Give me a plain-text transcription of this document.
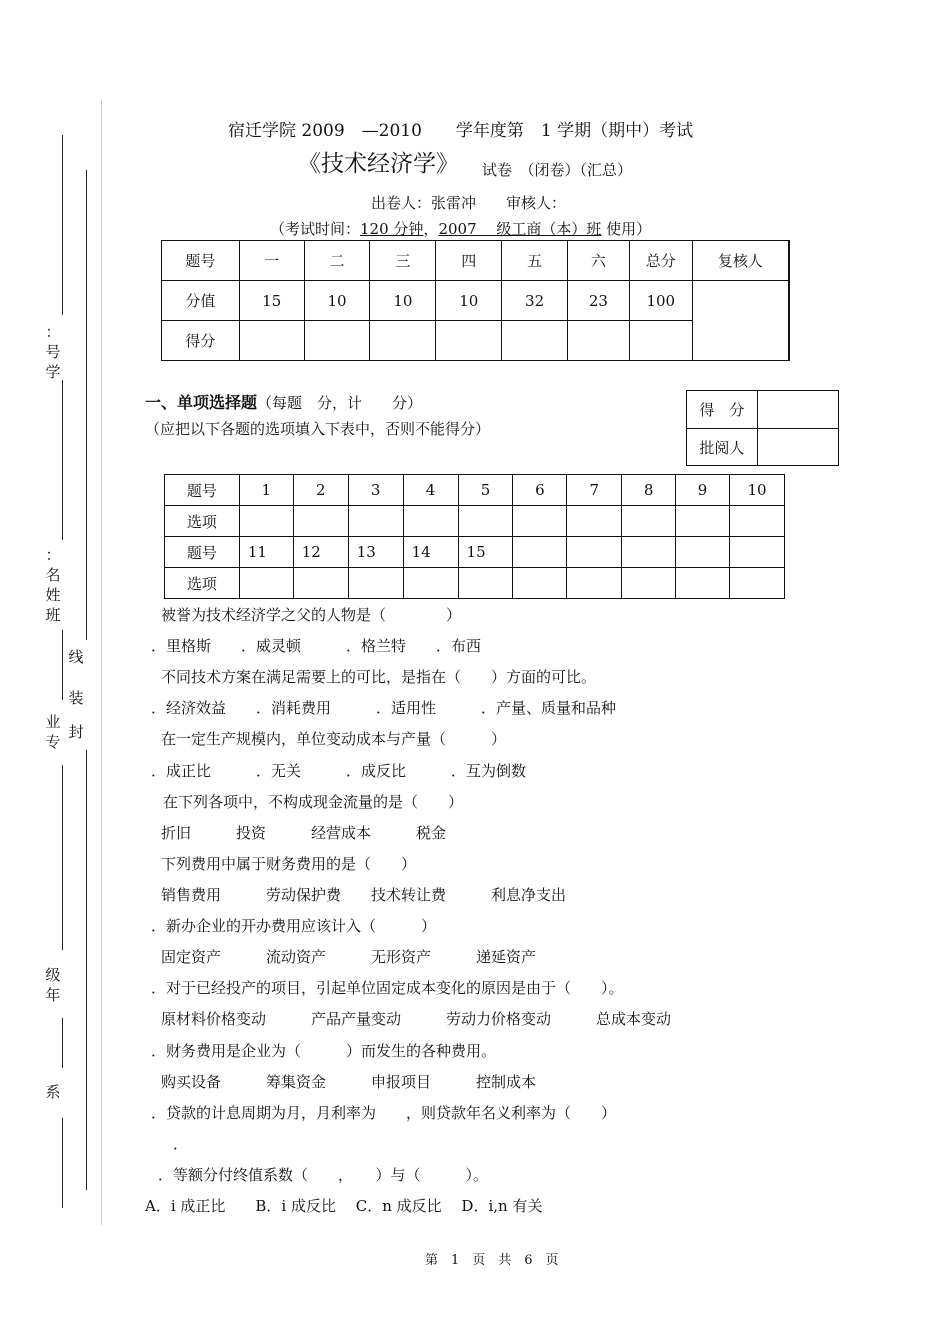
：号学
：名姓
班
业专
级年
系
线
装
封
宿迁学院 2009　—2010　　学年度第　1 学期（期中）考试
《技术经济学》 试卷　（闭卷）（汇总）
出卷人：张雷冲　　审核人：
（考试时间：120 分钟，2007　 级工商（本）班 使用）
题号	一	二	三	四	五	六	总分	复核人
分值	15	10	10	10	32	23	100	
得分								
一、单项选择题（每题　分，计　　分）
（应把以下各题的选项填入下表中，否则不能得分）
得　分	
批阅人	
题号	1	2	3	4	5	6	7	8	9	10
选项										
题号	11	12	13	14	15					
选项										
被誉为技术经济学之父的人物是（　　　　）
．里格斯　　．威灵顿　　　．格兰特　　．布西
不同技术方案在满足需要上的可比，是指在（　　）方面的可比。
．经济效益　　．消耗费用　　　．适用性　　　．产量、质量和品种
在一定生产规模内，单位变动成本与产量（　　　）
．成正比　　　．无关　　　．成反比　　　．互为倒数
在下列各项中，不构成现金流量的是（　　）
折旧　　　投资　　　经营成本　　　税金
下列费用中属于财务费用的是（　　）
销售费用　　　劳动保护费　　技术转让费　　　利息净支出
．新办企业的开办费用应该计入（　　　）
固定资产　　　流动资产　　　无形资产　　　递延资产
．对于已经投产的项目，引起单位固定成本变化的原因是由于（　　）。
原材料价格变动　　　产品产量变动　　　劳动力价格变动　　　总成本变动
．财务费用是企业为（　　　）而发生的各种费用。
购买设备　　　筹集资金　　　申报项目　　　控制成本
．贷款的计息周期为月，月利率为　　，则贷款年名义利率为（　　）
．
．等额分付终值系数（　　，　　）与（　　　）。
A．i 成正比　　B．i 成反比　 C．n 成反比　 D．i,n 有关
第　1　页　共　6　页
